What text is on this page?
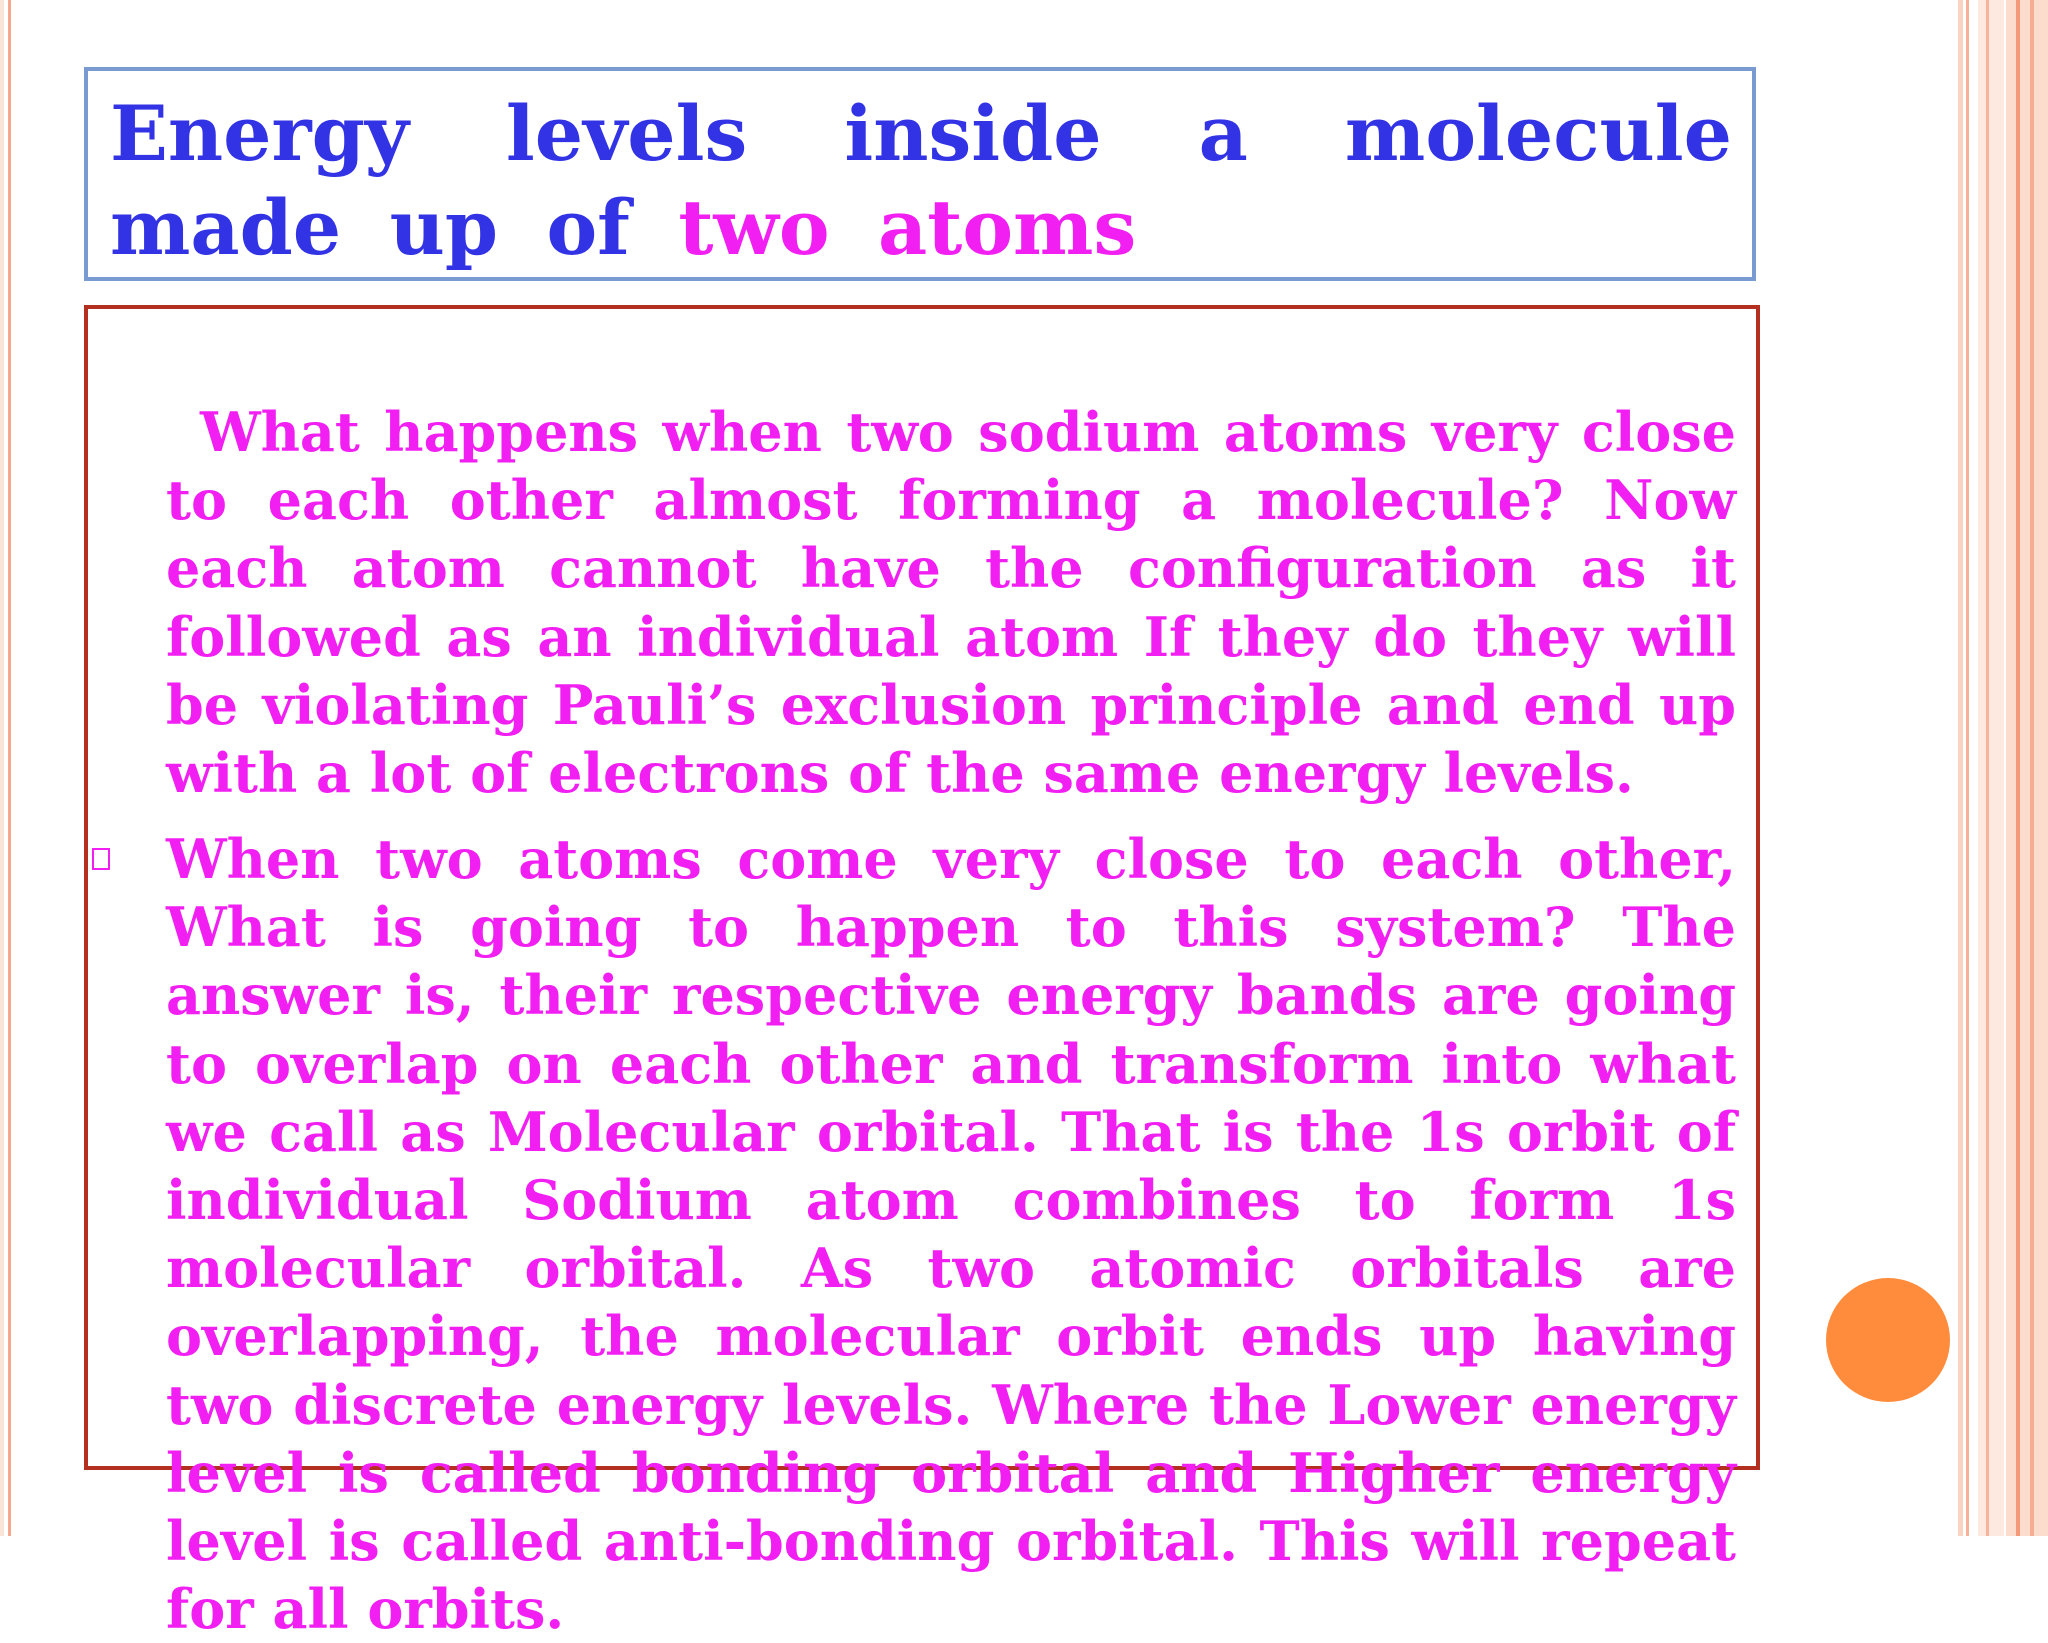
Energy levels inside a molecule made up of two atoms

What happens when two sodium atoms very close to each other almost forming a molecule? Now each atom cannot have the configuration as it followed as an individual atom If they do they will be violating Pauli’s exclusion principle and end up with a lot of electrons of the same energy levels.

When two atoms come very close to each other, What is going to happen to this system? The answer is, their respective energy bands are going to overlap on each other and transform into what we call as Molecular orbital. That is the 1s orbit of individual Sodium atom combines to form 1s molecular orbital. As two atomic orbitals are overlapping, the molecular orbit ends up having two discrete energy levels. Where the Lower energy level is called bonding orbital and Higher energy level is called anti-bonding orbital. This will repeat for all orbits.
